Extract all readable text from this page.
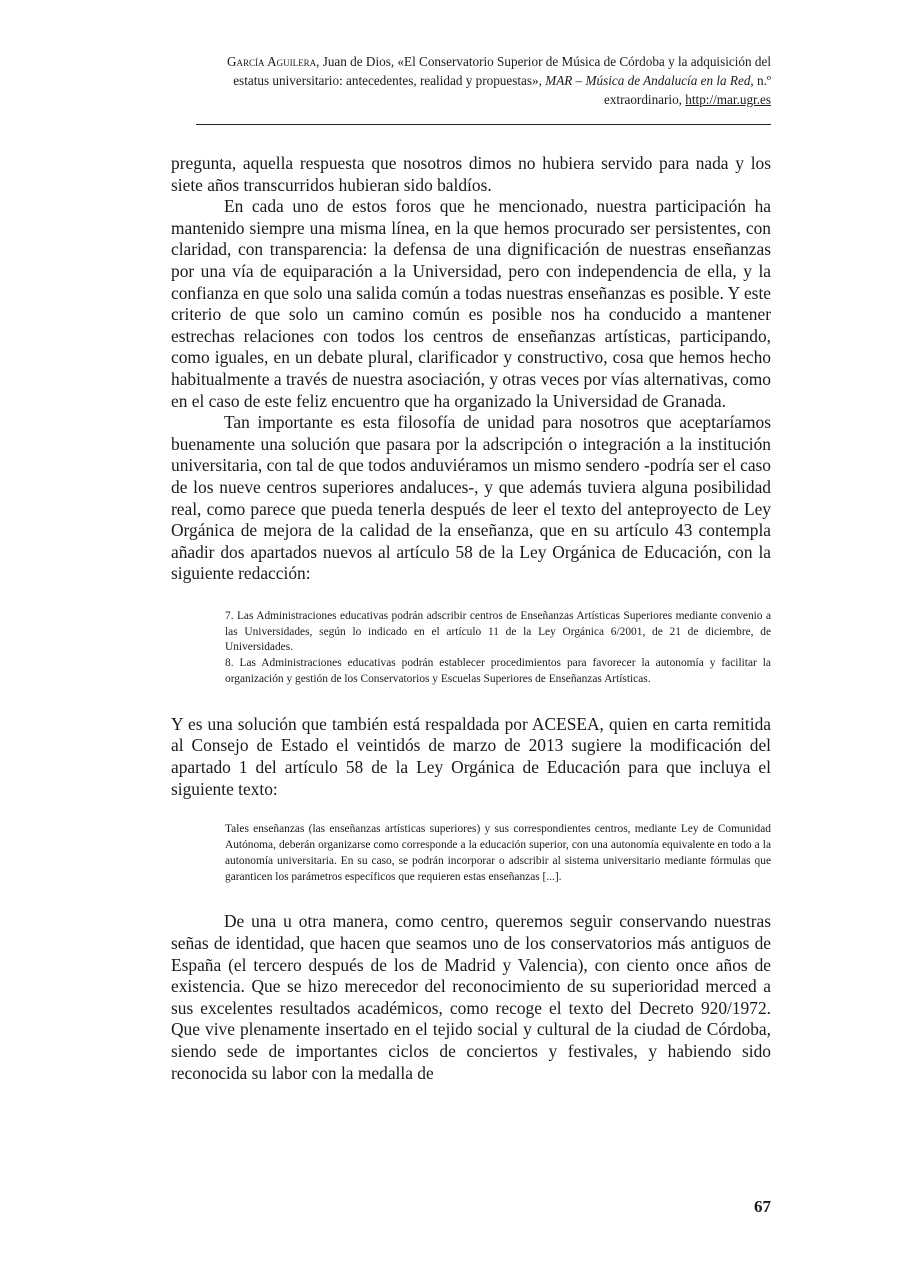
García Aguilera, Juan de Dios, «El Conservatorio Superior de Música de Córdoba y la adquisición del estatus universitario: antecedentes, realidad y propuestas», MAR – Música de Andalucía en la Red, n.º extraordinario, http://mar.ugr.es

pregunta, aquella respuesta que nosotros dimos no hubiera servido para nada y los siete años transcurridos hubieran sido baldíos.

En cada uno de estos foros que he mencionado, nuestra participación ha mantenido siempre una misma línea, en la que hemos procurado ser persistentes, con claridad, con transparencia: la defensa de una dignificación de nuestras enseñanzas por una vía de equiparación a la Universidad, pero con independencia de ella, y la confianza en que solo una salida común a todas nuestras enseñanzas es posible. Y este criterio de que solo un camino común es posible nos ha conducido a mantener estrechas relaciones con todos los centros de enseñanzas artísticas, participando, como iguales, en un debate plural, clarificador y constructivo, cosa que hemos hecho habitualmente a través de nuestra asociación, y otras veces por vías alternativas, como en el caso de este feliz encuentro que ha organizado la Universidad de Granada.

Tan importante es esta filosofía de unidad para nosotros que aceptaríamos buenamente una solución que pasara por la adscripción o integración a la institución universitaria, con tal de que todos anduviéramos un mismo sendero -podría ser el caso de los nueve centros superiores andaluces-, y que además tuviera alguna posibilidad real, como parece que pueda tenerla después de leer el texto del anteproyecto de Ley Orgánica de mejora de la calidad de la enseñanza, que en su artículo 43 contempla añadir dos apartados nuevos al artículo 58 de la Ley Orgánica de Educación, con la siguiente redacción:

7. Las Administraciones educativas podrán adscribir centros de Enseñanzas Artísticas Superiores mediante convenio a las Universidades, según lo indicado en el artículo 11 de la Ley Orgánica 6/2001, de 21 de diciembre, de Universidades.

8. Las Administraciones educativas podrán establecer procedimientos para favorecer la autonomía y facilitar la organización y gestión de los Conservatorios y Escuelas Superiores de Enseñanzas Artísticas.

Y es una solución que también está respaldada por ACESEA, quien en carta remitida al Consejo de Estado el veintidós de marzo de 2013 sugiere la modificación del apartado 1 del artículo 58 de la Ley Orgánica de Educación para que incluya el siguiente texto:

Tales enseñanzas (las enseñanzas artísticas superiores) y sus correspondientes centros, mediante Ley de Comunidad Autónoma, deberán organizarse como corresponde a la educación superior, con una autonomía equivalente en todo a la autonomía universitaria. En su caso, se podrán incorporar o adscribir al sistema universitario mediante fórmulas que garanticen los parámetros específicos que requieren estas enseñanzas [...].

De una u otra manera, como centro, queremos seguir conservando nuestras señas de identidad, que hacen que seamos uno de los conservatorios más antiguos de España (el tercero después de los de Madrid y Valencia), con ciento once años de existencia. Que se hizo merecedor del reconocimiento de su superioridad merced a sus excelentes resultados académicos, como recoge el texto del Decreto 920/1972. Que vive plenamente insertado en el tejido social y cultural de la ciudad de Córdoba, siendo sede de importantes ciclos de conciertos y festivales, y habiendo sido reconocida su labor con la medalla de

67
